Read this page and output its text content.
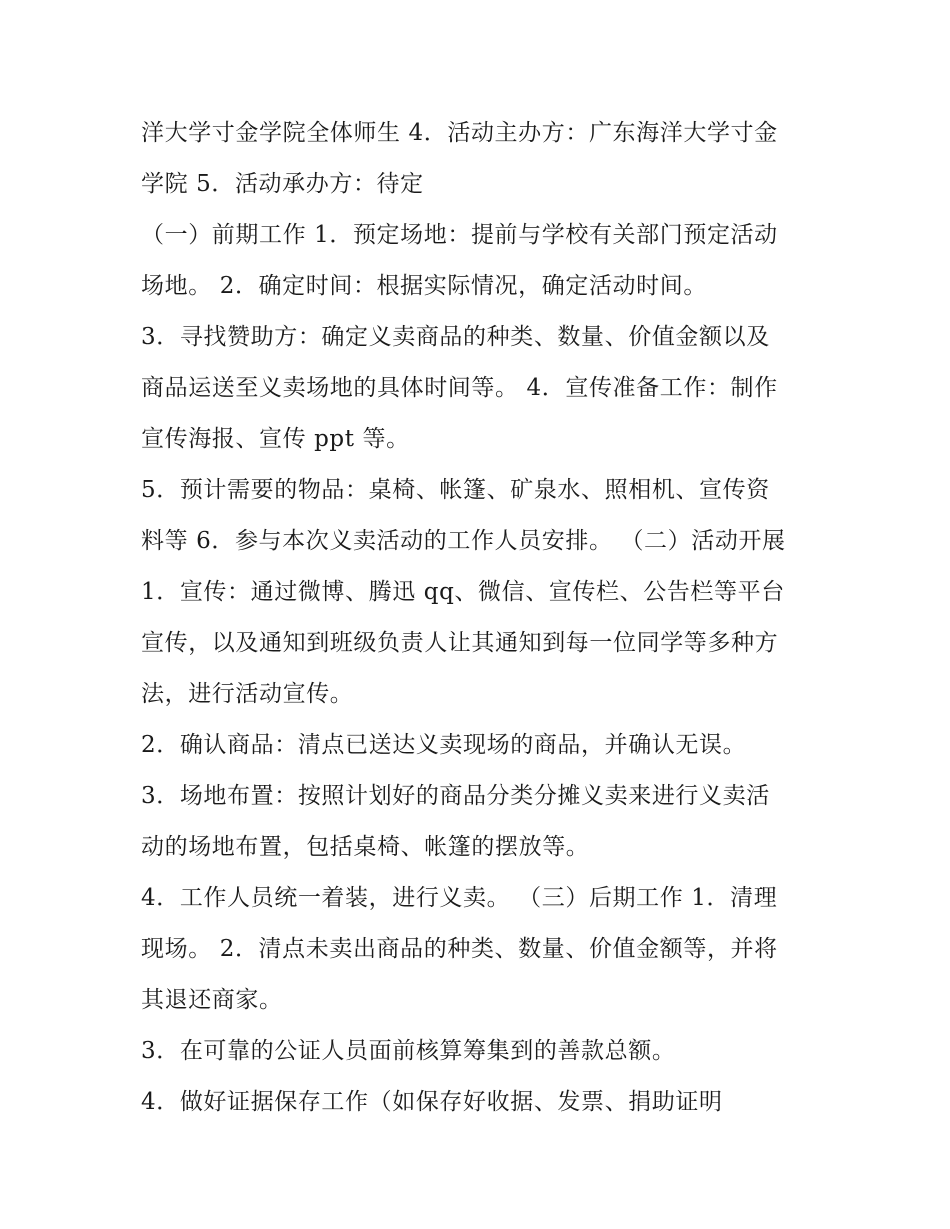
洋大学寸金学院全体师生 4．活动主办方：广东海洋大学寸金
学院 5．活动承办方：待定
（一）前期工作 1．预定场地：提前与学校有关部门预定活动
场地。 2．确定时间：根据实际情况，确定活动时间。
3．寻找赞助方：确定义卖商品的种类、数量、价值金额以及
商品运送至义卖场地的具体时间等。 4．宣传准备工作：制作
宣传海报、宣传 ppt 等。
5．预计需要的物品：桌椅、帐篷、矿泉水、照相机、宣传资
料等 6．参与本次义卖活动的工作人员安排。 （二）活动开展
1．宣传：通过微博、腾迅 qq、微信、宣传栏、公告栏等平台
宣传，以及通知到班级负责人让其通知到每一位同学等多种方
法，进行活动宣传。
2．确认商品：清点已送达义卖现场的商品，并确认无误。
3．场地布置：按照计划好的商品分类分摊义卖来进行义卖活
动的场地布置，包括桌椅、帐篷的摆放等。
4．工作人员统一着装，进行义卖。 （三）后期工作 1．清理
现场。 2．清点未卖出商品的种类、数量、价值金额等，并将
其退还商家。
3．在可靠的公证人员面前核算筹集到的善款总额。
4．做好证据保存工作（如保存好收据、发票、捐助证明
